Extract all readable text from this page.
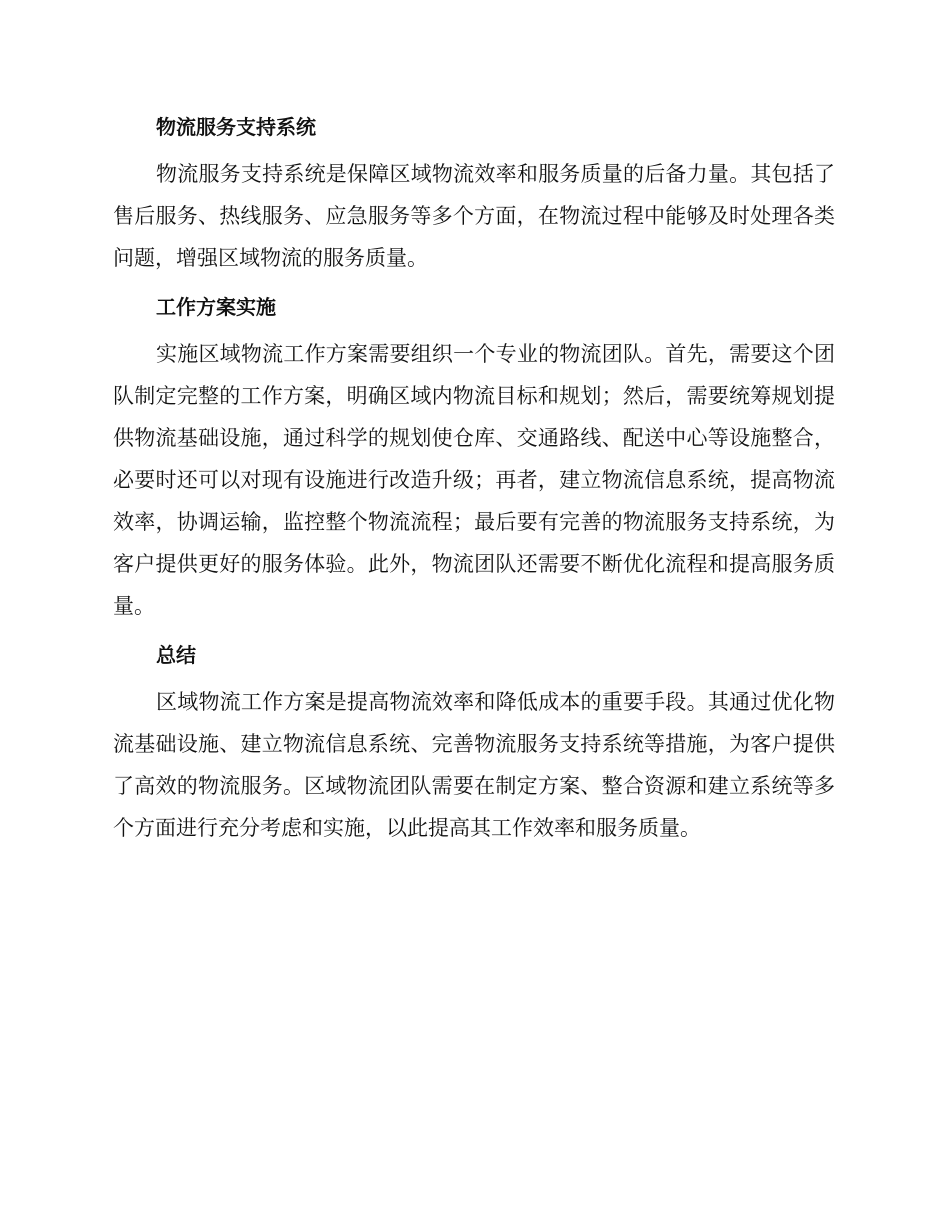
物流服务支持系统

物流服务支持系统是保障区域物流效率和服务质量的后备力量。其包括了售后服务、热线服务、应急服务等多个方面，在物流过程中能够及时处理各类问题，增强区域物流的服务质量。

工作方案实施

实施区域物流工作方案需要组织一个专业的物流团队。首先，需要这个团队制定完整的工作方案，明确区域内物流目标和规划；然后，需要统筹规划提供物流基础设施，通过科学的规划使仓库、交通路线、配送中心等设施整合，必要时还可以对现有设施进行改造升级；再者，建立物流信息系统，提高物流效率，协调运输，监控整个物流流程；最后要有完善的物流服务支持系统，为客户提供更好的服务体验。此外，物流团队还需要不断优化流程和提高服务质量。

总结

区域物流工作方案是提高物流效率和降低成本的重要手段。其通过优化物流基础设施、建立物流信息系统、完善物流服务支持系统等措施，为客户提供了高效的物流服务。区域物流团队需要在制定方案、整合资源和建立系统等多个方面进行充分考虑和实施，以此提高其工作效率和服务质量。
